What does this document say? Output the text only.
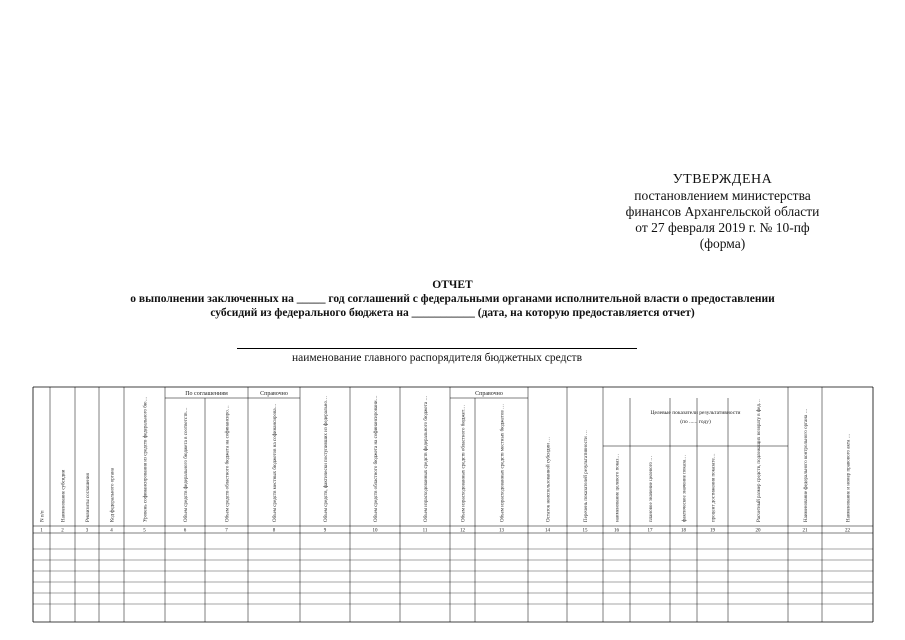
УТВЕРЖДЕНА
постановлением министерства
финансов Архангельской области
от 27 февраля 2019 г. № 10-пф
(форма)
ОТЧЕТ
о выполнении заключенных на _____ год соглашений с федеральными органами исполнительной власти о предоставлении
субсидий из федерального бюджета на ___________ (дата, на которую предоставляется отчет)
наименование главного распорядителя бюджетных средств
По соглашениям	Справочно	Справочно
Целевые показатели результативности
(по ...... году)
N п/п	Наименование субсидии	Реквизиты соглашения	Код федерального органа	Уровень софинансирования из средств федерального бю…	Объем средств федерального бюджета в соответств…	Объем средств областного бюджета на софинансиро…	Объем средств местных бюджетов на софинансирова…	Объем средств, фактически поступивших из федерально…	Объем средств областного бюджета на софинансировани…	Объем израсходованных средств федерального бюджета …	Объем израсходованных средств областного бюджет…	Объем израсходованных средств местных бюджетов …	Остаток неиспользованной субсидии …	Перечень показателей результативности …	наименование целевого показ…	плановое значение целевого …	фактическое значение показа…	процент достижения показате…	Расчетный размер средств, подлежащих возврату в фед…	Наименование федерального контрольного органа …	Наименование и номер правового акта …
1	2	3	4	5	6	7	8	9	10	11	12	13	14	15	16	17	18	19	20	21	22
